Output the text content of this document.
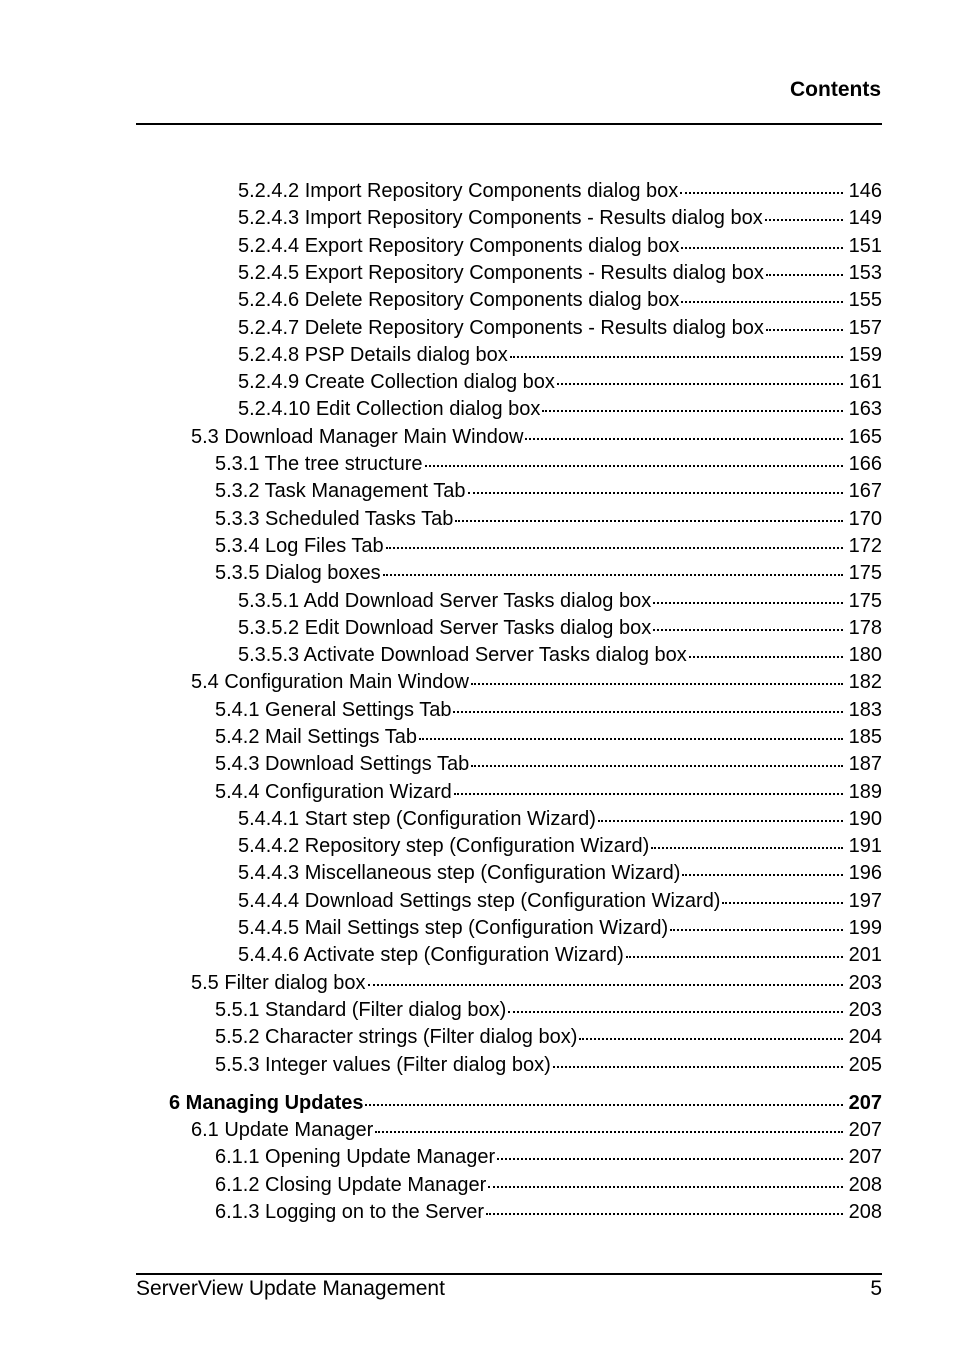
Contents
5.2.4.2 Import Repository Components dialog box	146
5.2.4.3 Import Repository Components - Results dialog box	149
5.2.4.4 Export Repository Components dialog box	151
5.2.4.5 Export Repository Components - Results dialog box	153
5.2.4.6 Delete Repository Components dialog box	155
5.2.4.7 Delete Repository Components - Results dialog box	157
5.2.4.8 PSP Details dialog box	159
5.2.4.9 Create Collection dialog box	161
5.2.4.10 Edit Collection dialog box	163
5.3 Download Manager Main Window	165
5.3.1 The tree structure	166
5.3.2 Task Management Tab	167
5.3.3 Scheduled Tasks Tab	170
5.3.4 Log Files Tab	172
5.3.5 Dialog boxes	175
5.3.5.1 Add Download Server Tasks dialog box	175
5.3.5.2 Edit Download Server Tasks dialog box	178
5.3.5.3 Activate Download Server Tasks dialog box	180
5.4 Configuration Main Window	182
5.4.1 General Settings Tab	183
5.4.2 Mail Settings Tab	185
5.4.3 Download Settings Tab	187
5.4.4 Configuration Wizard	189
5.4.4.1 Start step (Configuration Wizard)	190
5.4.4.2 Repository step (Configuration Wizard)	191
5.4.4.3 Miscellaneous step (Configuration Wizard)	196
5.4.4.4 Download Settings step (Configuration Wizard)	197
5.4.4.5 Mail Settings step (Configuration Wizard)	199
5.4.4.6 Activate step (Configuration Wizard)	201
5.5 Filter dialog box	203
5.5.1 Standard (Filter dialog box)	203
5.5.2 Character strings (Filter dialog box)	204
5.5.3 Integer values (Filter dialog box)	205
6 Managing Updates	207
6.1 Update Manager	207
6.1.1 Opening Update Manager	207
6.1.2 Closing Update Manager	208
6.1.3 Logging on to the Server	208
ServerView Update Management	5
